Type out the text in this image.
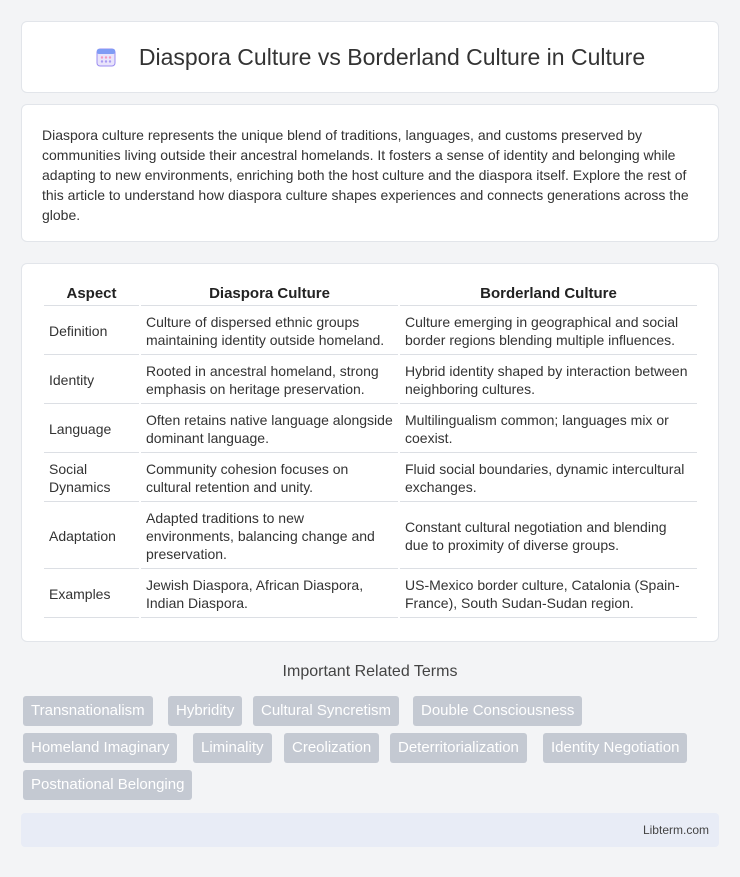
Diaspora Culture vs Borderland Culture in Culture

Diaspora culture represents the unique blend of traditions, languages, and customs preserved by communities living outside their ancestral homelands. It fosters a sense of identity and belonging while adapting to new environments, enriching both the host culture and the diaspora itself. Explore the rest of this article to understand how diaspora culture shapes experiences and connects generations across the globe.

Aspect	Diaspora Culture	Borderland Culture
Definition	Culture of dispersed ethnic groups maintaining identity outside homeland.	Culture emerging in geographical and social border regions blending multiple influences.
Identity	Rooted in ancestral homeland, strong emphasis on heritage preservation.	Hybrid identity shaped by interaction between neighboring cultures.
Language	Often retains native language alongside dominant language.	Multilingualism common; languages mix or coexist.
Social Dynamics	Community cohesion focuses on cultural retention and unity.	Fluid social boundaries, dynamic intercultural exchanges.
Adaptation	Adapted traditions to new environments, balancing change and preservation.	Constant cultural negotiation and blending due to proximity of diverse groups.
Examples	Jewish Diaspora, African Diaspora, Indian Diaspora.	US-Mexico border culture, Catalonia (Spain-France), South Sudan-Sudan region.
Important Related Terms
Transnationalism	Hybridity	Cultural Syncretism	Double Consciousness
Homeland Imaginary	Liminality	Creolization	Deterritorialization	Identity Negotiation
Postnational Belonging
Libterm.com
